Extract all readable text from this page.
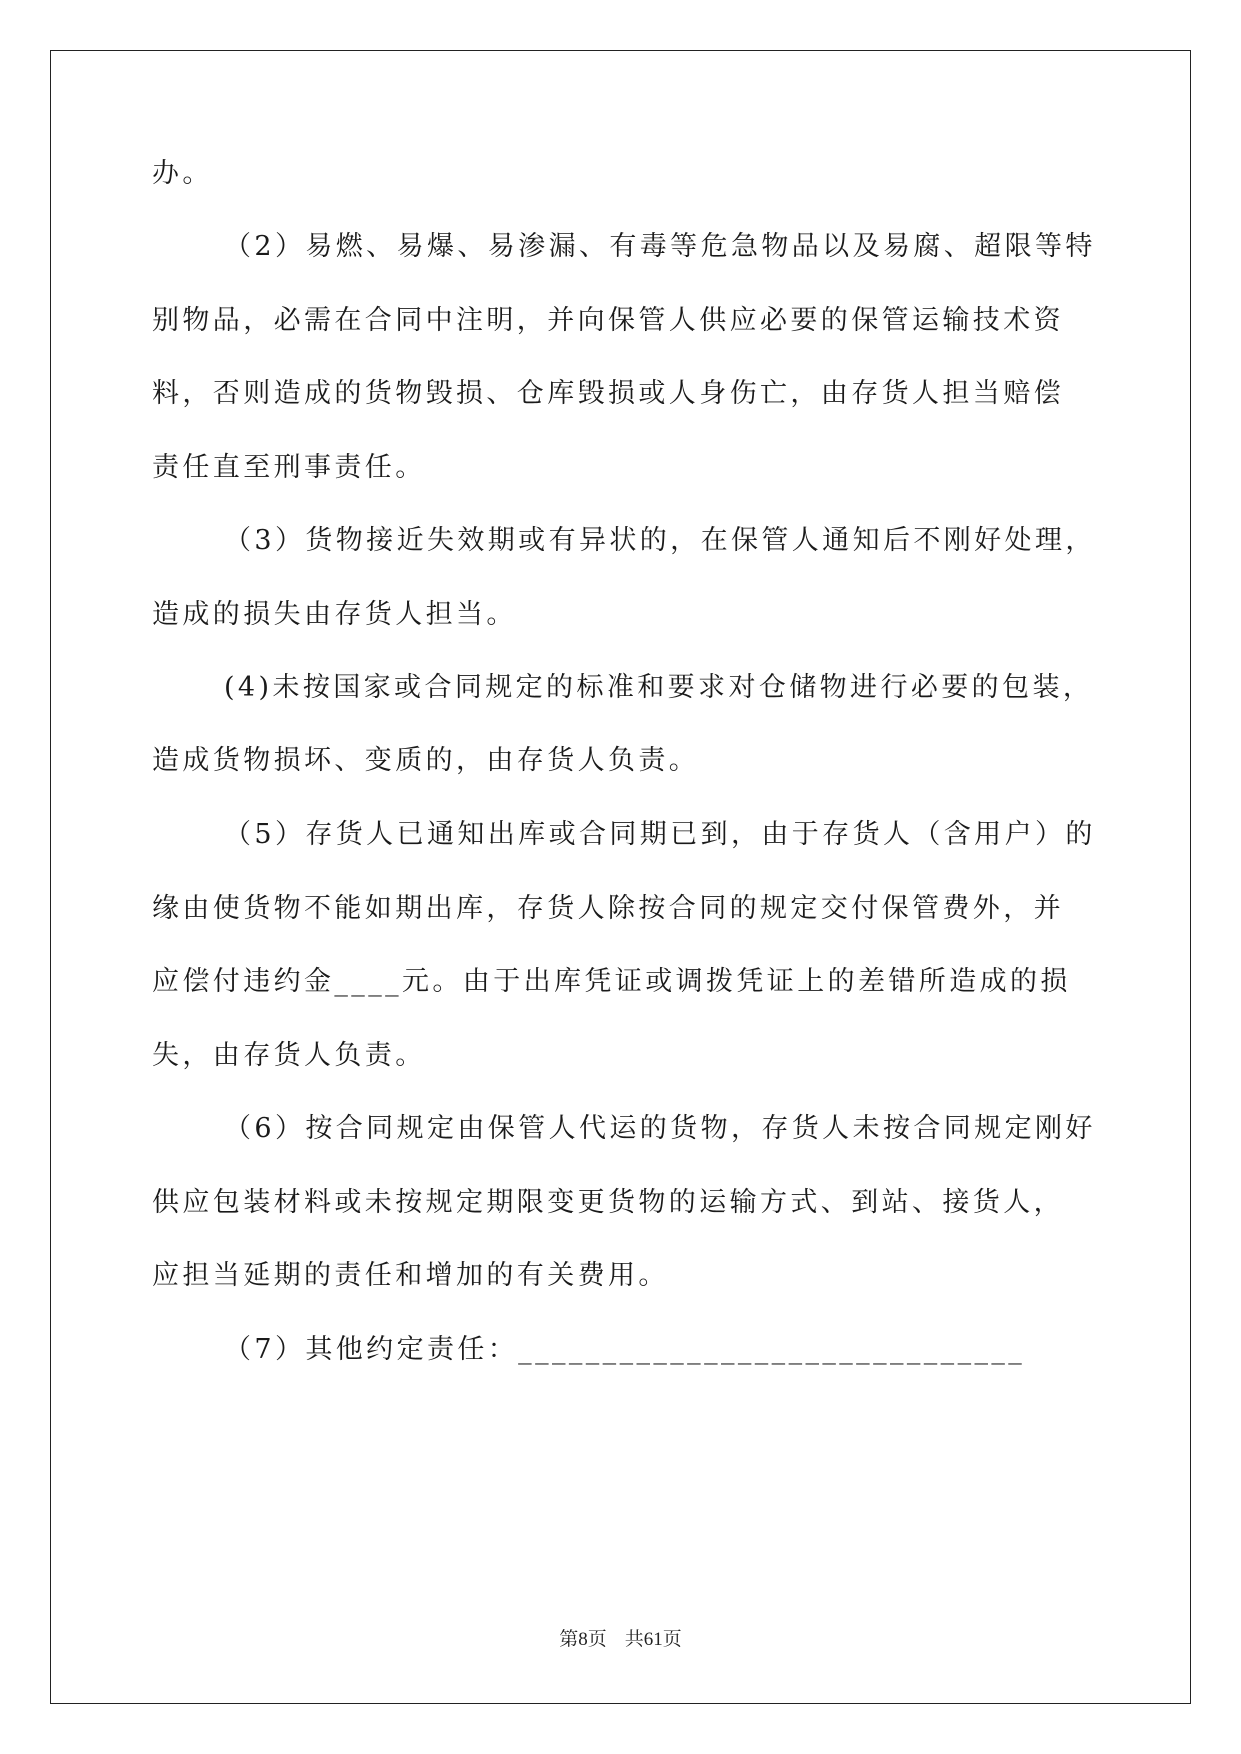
办。

（2）易燃、易爆、易渗漏、有毒等危急物品以及易腐、超限等特

别物品，必需在合同中注明，并向保管人供应必要的保管运输技术资

料，否则造成的货物毁损、仓库毁损或人身伤亡，由存货人担当赔偿

责任直至刑事责任。

（3）货物接近失效期或有异状的，在保管人通知后不刚好处理，

造成的损失由存货人担当。

(4)未按国家或合同规定的标准和要求对仓储物进行必要的包装，

造成货物损坏、变质的，由存货人负责。

（5）存货人已通知出库或合同期已到，由于存货人（含用户）的

缘由使货物不能如期出库，存货人除按合同的规定交付保管费外，并

应偿付违约金____元。由于出库凭证或调拨凭证上的差错所造成的损

失，由存货人负责。

（6）按合同规定由保管人代运的货物，存货人未按合同规定刚好

供应包装材料或未按规定期限变更货物的运输方式、到站、接货人，

应担当延期的责任和增加的有关费用。

（7）其他约定责任：______________________________

第8页 共61页
